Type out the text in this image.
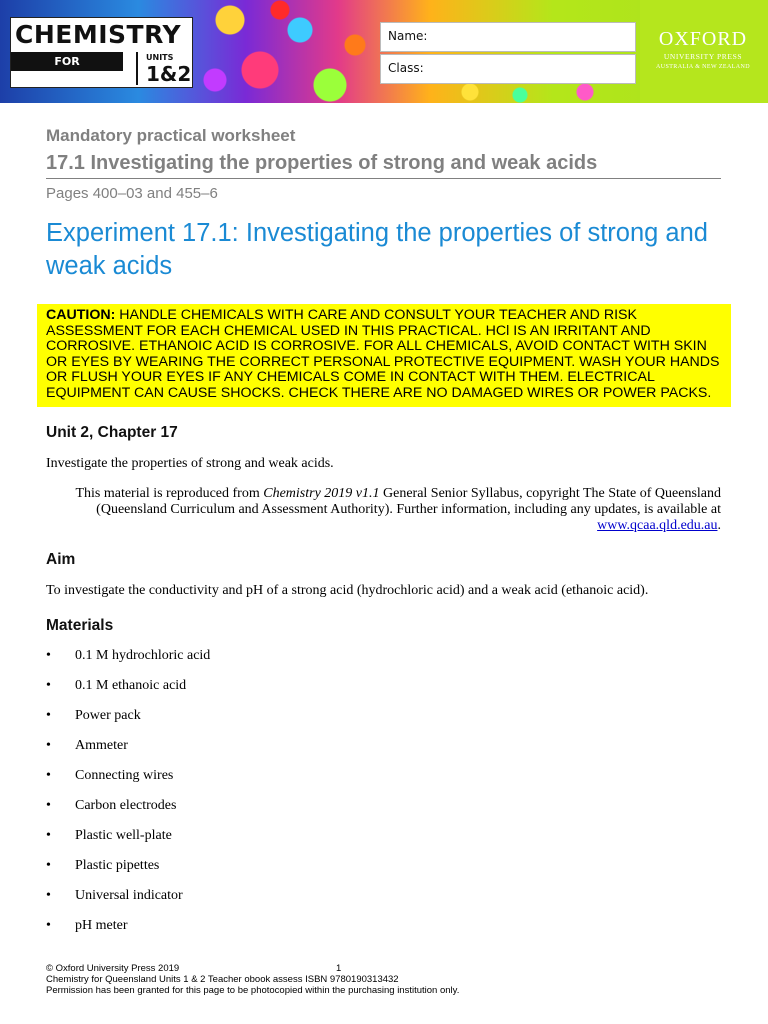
CHEMISTRY
FOR QUEENSLAND
UNITS
1&2
Name:
Class:
OXFORD
UNIVERSITY PRESS
AUSTRALIA & NEW ZEALAND
Mandatory practical worksheet
17.1 Investigating the properties of strong and weak acids
Pages 400–03 and 455–6
Experiment 17.1: Investigating the properties of strong and weak acids
CAUTION: HANDLE CHEMICALS WITH CARE AND CONSULT YOUR TEACHER AND RISK ASSESSMENT FOR EACH CHEMICAL USED IN THIS PRACTICAL. HCl IS AN IRRITANT AND CORROSIVE. ETHANOIC ACID IS CORROSIVE. FOR ALL CHEMICALS, AVOID CONTACT WITH SKIN OR EYES BY WEARING THE CORRECT PERSONAL PROTECTIVE EQUIPMENT. WASH YOUR HANDS OR FLUSH YOUR EYES IF ANY CHEMICALS COME IN CONTACT WITH THEM. ELECTRICAL EQUIPMENT CAN CAUSE SHOCKS. CHECK THERE ARE NO DAMAGED WIRES OR POWER PACKS.
Unit 2, Chapter 17
Investigate the properties of strong and weak acids.
This material is reproduced from Chemistry 2019 v1.1 General Senior Syllabus, copyright The State of Queensland (Queensland Curriculum and Assessment Authority). Further information, including any updates, is available at www.qcaa.qld.edu.au.
Aim
To investigate the conductivity and pH of a strong acid (hydrochloric acid) and a weak acid (ethanoic acid).
Materials
• 0.1 M hydrochloric acid
• 0.1 M ethanoic acid
• Power pack
• Ammeter
• Connecting wires
• Carbon electrodes
• Plastic well-plate
• Plastic pipettes
• Universal indicator
• pH meter
© Oxford University Press 2019	1
Chemistry for Queensland Units 1 & 2 Teacher obook assess ISBN 9780190313432
Permission has been granted for this page to be photocopied within the purchasing institution only.
